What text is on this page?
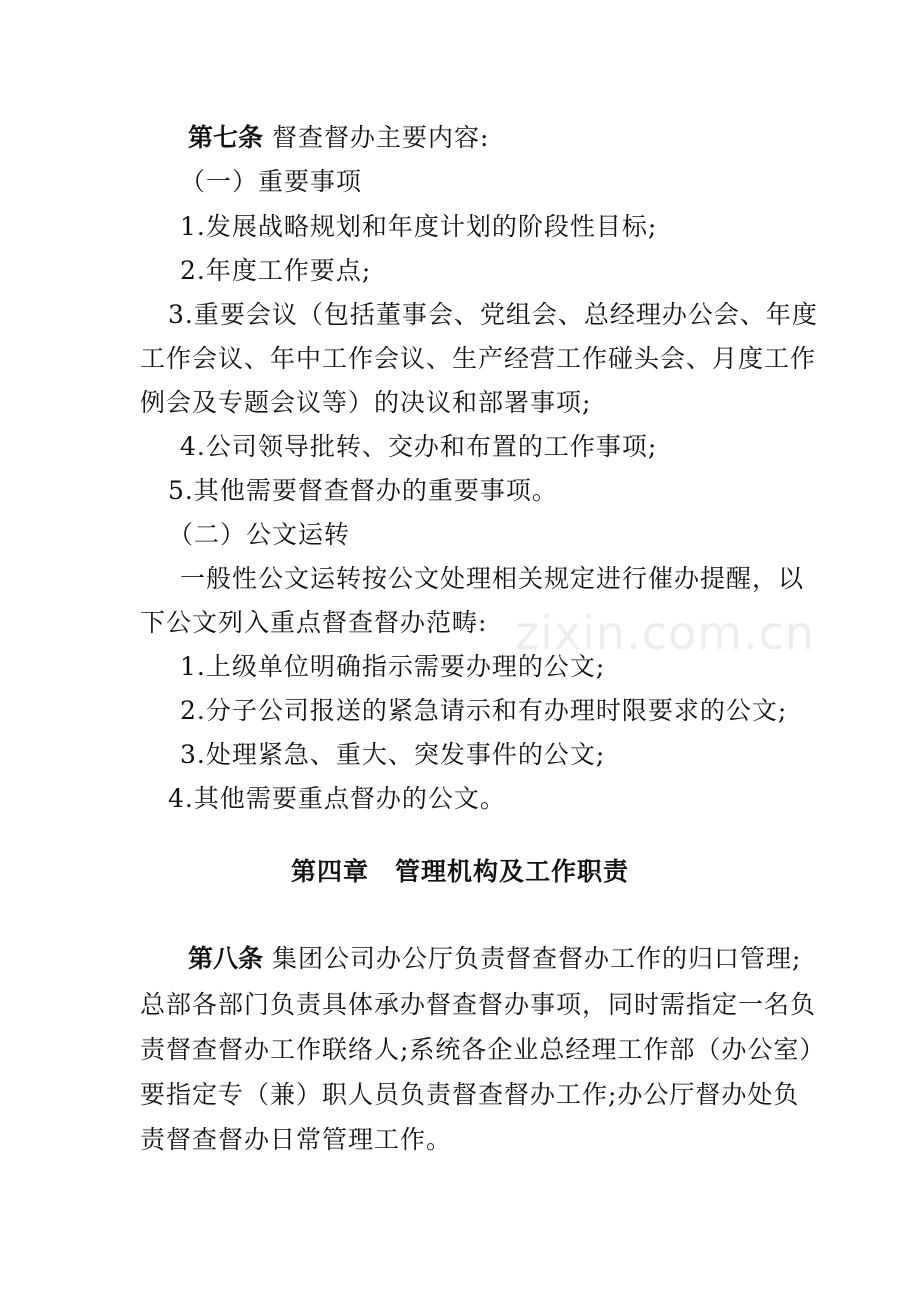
zixin.com.cn
第七条 督查督办主要内容:
（一）重要事项
1.发展战略规划和年度计划的阶段性目标;
2.年度工作要点;
3.重要会议（包括董事会、党组会、总经理办公会、年度
工作会议、年中工作会议、生产经营工作碰头会、月度工作
例会及专题会议等）的决议和部署事项;
4.公司领导批转、交办和布置的工作事项;
5.其他需要督查督办的重要事项。
（二）公文运转
一般性公文运转按公文处理相关规定进行催办提醒，以
下公文列入重点督查督办范畴:
1.上级单位明确指示需要办理的公文;
2.分子公司报送的紧急请示和有办理时限要求的公文;
3.处理紧急、重大、突发事件的公文;
4.其他需要重点督办的公文。
第四章　管理机构及工作职责
第八条 集团公司办公厅负责督查督办工作的归口管理;
总部各部门负责具体承办督查督办事项，同时需指定一名负
责督查督办工作联络人;系统各企业总经理工作部（办公室）
要指定专（兼）职人员负责督查督办工作;办公厅督办处负
责督查督办日常管理工作。
